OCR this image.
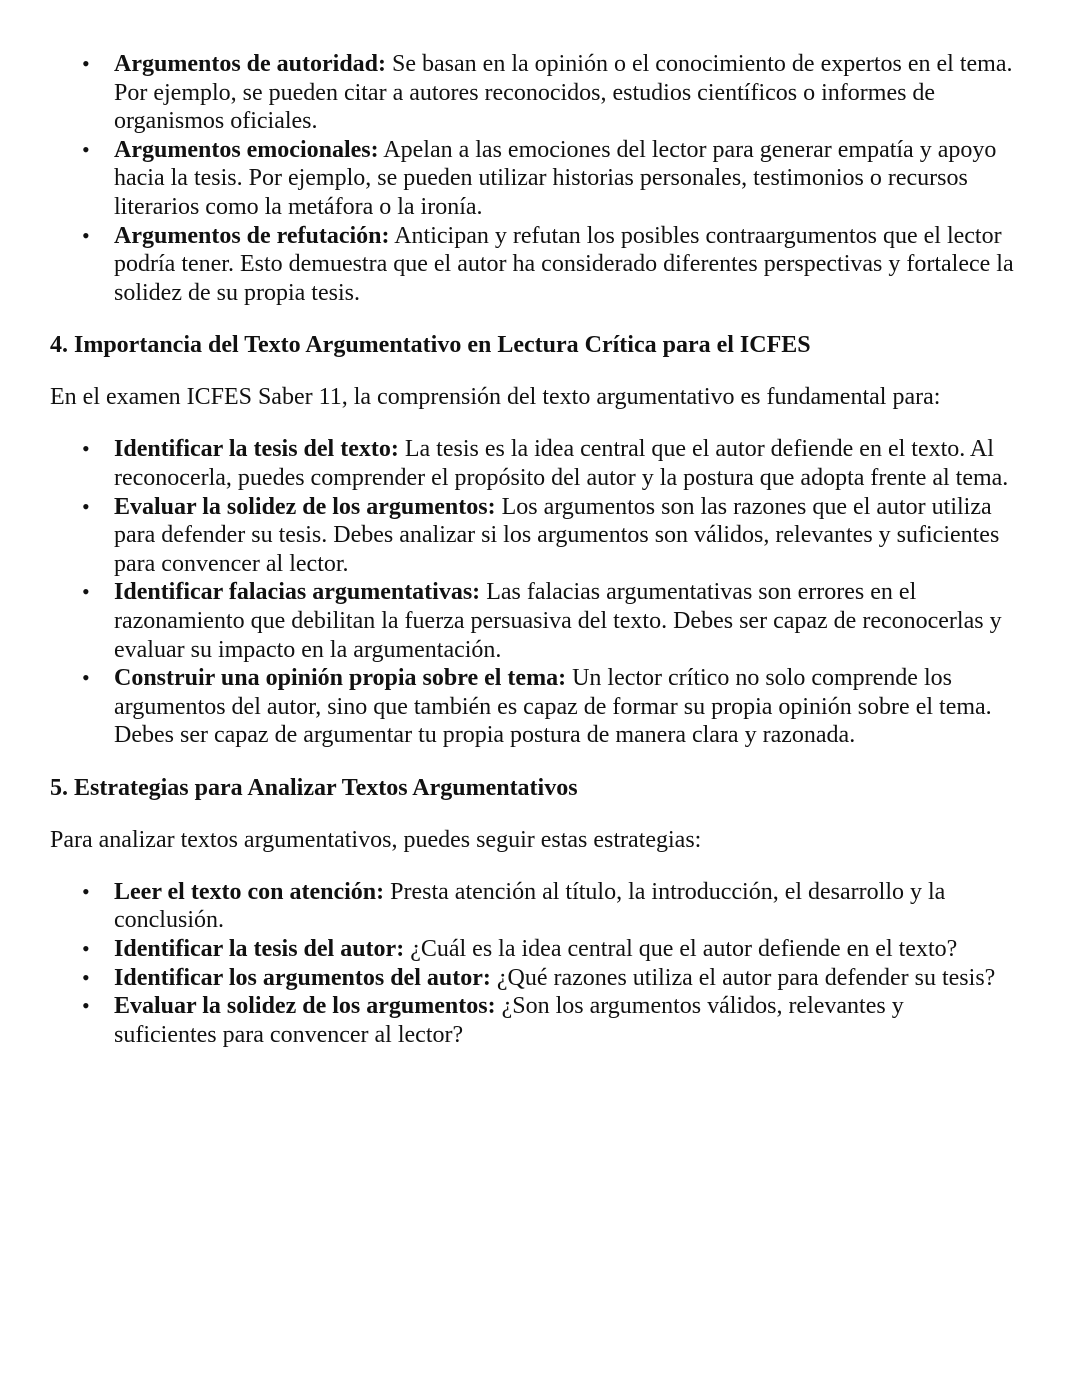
• Argumentos de autoridad: Se basan en la opinión o el conocimiento de expertos en el tema. Por ejemplo, se pueden citar a autores reconocidos, estudios científicos o informes de organismos oficiales.
• Argumentos emocionales: Apelan a las emociones del lector para generar empatía y apoyo hacia la tesis. Por ejemplo, se pueden utilizar historias personales, testimonios o recursos literarios como la metáfora o la ironía.
• Argumentos de refutación: Anticipan y refutan los posibles contraargumentos que el lector podría tener. Esto demuestra que el autor ha considerado diferentes perspectivas y fortalece la solidez de su propia tesis.
4. Importancia del Texto Argumentativo en Lectura Crítica para el ICFES

En el examen ICFES Saber 11, la comprensión del texto argumentativo es fundamental para:

• Identificar la tesis del texto: La tesis es la idea central que el autor defiende en el texto. Al reconocerla, puedes comprender el propósito del autor y la postura que adopta frente al tema.
• Evaluar la solidez de los argumentos: Los argumentos son las razones que el autor utiliza para defender su tesis. Debes analizar si los argumentos son válidos, relevantes y suficientes para convencer al lector.
• Identificar falacias argumentativas: Las falacias argumentativas son errores en el razonamiento que debilitan la fuerza persuasiva del texto. Debes ser capaz de reconocerlas y evaluar su impacto en la argumentación.
• Construir una opinión propia sobre el tema: Un lector crítico no solo comprende los argumentos del autor, sino que también es capaz de formar su propia opinión sobre el tema. Debes ser capaz de argumentar tu propia postura de manera clara y razonada.
5. Estrategias para Analizar Textos Argumentativos

Para analizar textos argumentativos, puedes seguir estas estrategias:

• Leer el texto con atención: Presta atención al título, la introducción, el desarrollo y la conclusión.
• Identificar la tesis del autor: ¿Cuál es la idea central que el autor defiende en el texto?
• Identificar los argumentos del autor: ¿Qué razones utiliza el autor para defender su tesis?
• Evaluar la solidez de los argumentos: ¿Son los argumentos válidos, relevantes y suficientes para convencer al lector?
